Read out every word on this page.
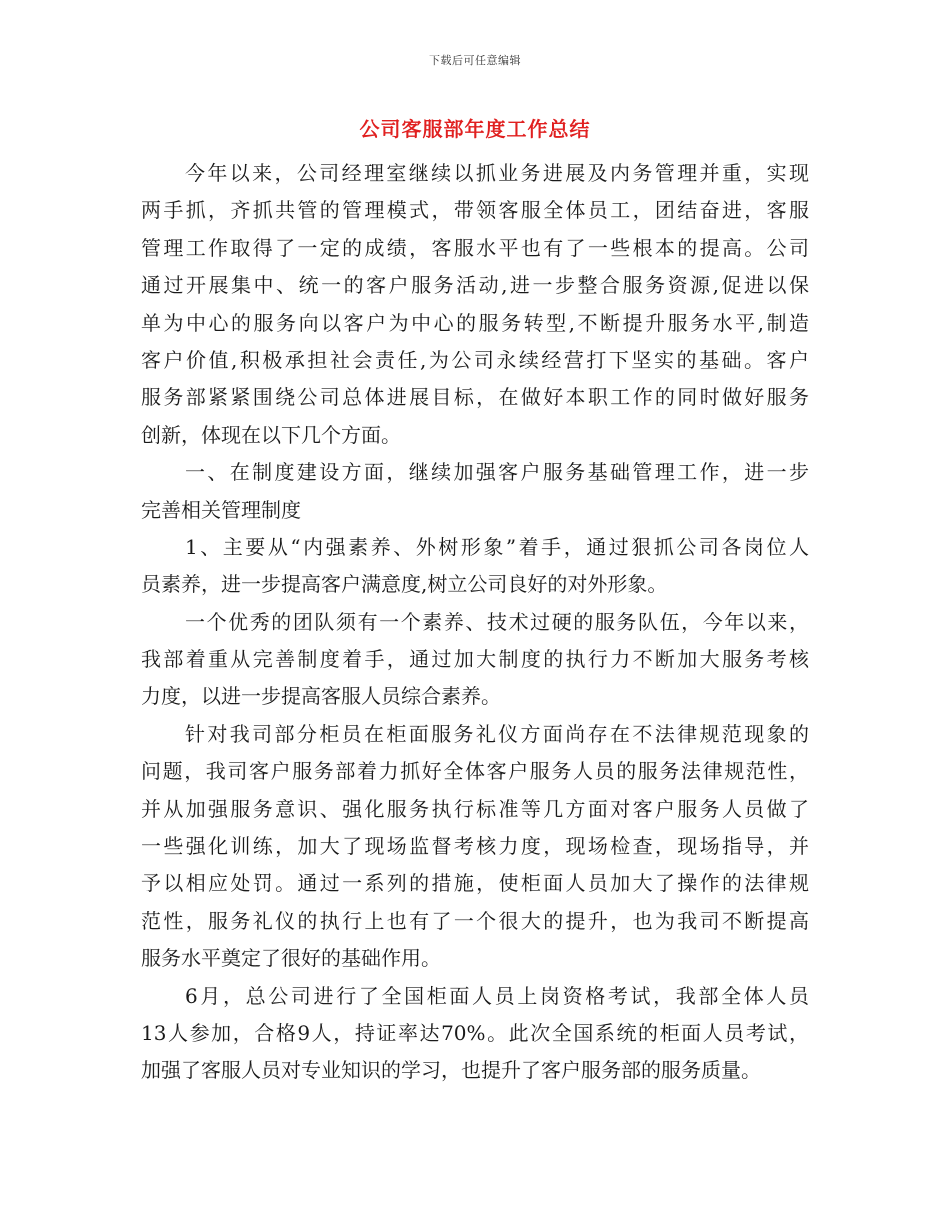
下载后可任意编辑
公司客服部年度工作总结
今年以来，公司经理室继续以抓业务进展及内务管理并重，实现
两手抓，齐抓共管的管理模式，带领客服全体员工，团结奋进，客服
管理工作取得了一定的成绩，客服水平也有了一些根本的提高。公司
通过开展集中、统一的客户服务活动,进一步整合服务资源,促进以保
单为中心的服务向以客户为中心的服务转型,不断提升服务水平,制造
客户价值,积极承担社会责任,为公司永续经营打下坚实的基础。客户
服务部紧紧围绕公司总体进展目标，在做好本职工作的同时做好服务
创新，体现在以下几个方面。
一、在制度建设方面，继续加强客户服务基础管理工作，进一步
完善相关管理制度
1、主要从“内强素养、外树形象”着手，通过狠抓公司各岗位人
员素养，进一步提高客户满意度,树立公司良好的对外形象。
一个优秀的团队须有一个素养、技术过硬的服务队伍，今年以来，
我部着重从完善制度着手，通过加大制度的执行力不断加大服务考核
力度，以进一步提高客服人员综合素养。
针对我司部分柜员在柜面服务礼仪方面尚存在不法律规范现象的
问题，我司客户服务部着力抓好全体客户服务人员的服务法律规范性，
并从加强服务意识、强化服务执行标准等几方面对客户服务人员做了
一些强化训练，加大了现场监督考核力度，现场检查，现场指导，并
予以相应处罚。通过一系列的措施，使柜面人员加大了操作的法律规
范性，服务礼仪的执行上也有了一个很大的提升，也为我司不断提高
服务水平奠定了很好的基础作用。
6月，总公司进行了全国柜面人员上岗资格考试，我部全体人员
13人参加，合格9人，持证率达70%。此次全国系统的柜面人员考试，
加强了客服人员对专业知识的学习，也提升了客户服务部的服务质量。
